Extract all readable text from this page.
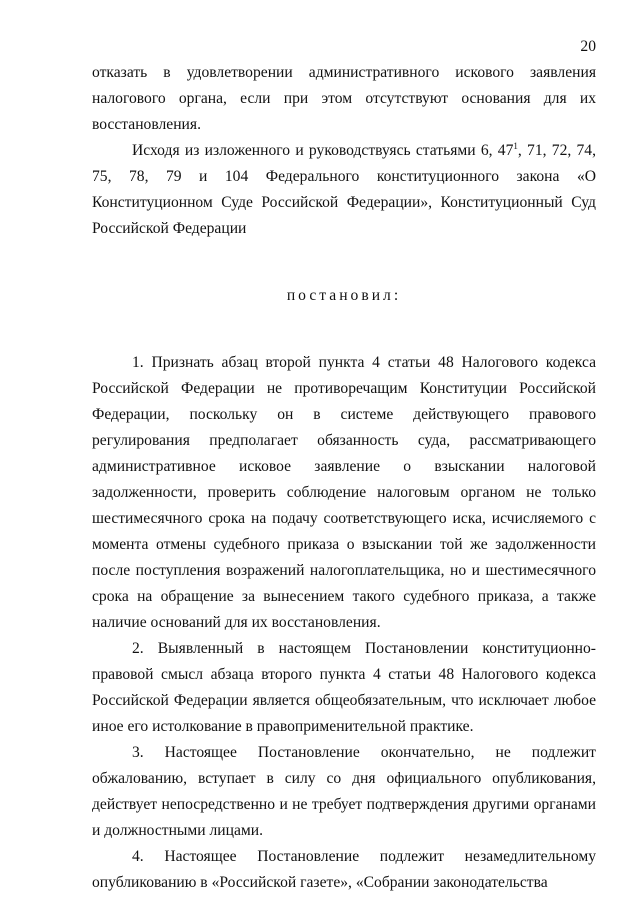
20

отказать в удовлетворении административного искового заявления налогового органа, если при этом отсутствуют основания для их восстановления.

Исходя из изложенного и руководствуясь статьями 6, $47^1$, 71, 72, 74, 75, 78, 79 и 104 Федерального конституционного закона «О Конституционном Суде Российской Федерации», Конституционный Суд Российской Федерации

постановил:

1. Признать абзац второй пункта 4 статьи 48 Налогового кодекса Российской Федерации не противоречащим Конституции Российской Федерации, поскольку он в системе действующего правового регулирования предполагает обязанность суда, рассматривающего административное исковое заявление о взыскании налоговой задолженности, проверить соблюдение налоговым органом не только шестимесячного срока на подачу соответствующего иска, исчисляемого с момента отмены судебного приказа о взыскании той же задолженности после поступления возражений налогоплательщика, но и шестимесячного срока на обращение за вынесением такого судебного приказа, а также наличие оснований для их восстановления.

2. Выявленный в настоящем Постановлении конституционно-правовой смысл абзаца второго пункта 4 статьи 48 Налогового кодекса Российской Федерации является общеобязательным, что исключает любое иное его истолкование в правоприменительной практике.

3. Настоящее Постановление окончательно, не подлежит обжалованию, вступает в силу со дня официального опубликования, действует непосредственно и не требует подтверждения другими органами и должностными лицами.

4. Настоящее Постановление подлежит незамедлительному опубликованию в «Российской газете», «Собрании законодательства
